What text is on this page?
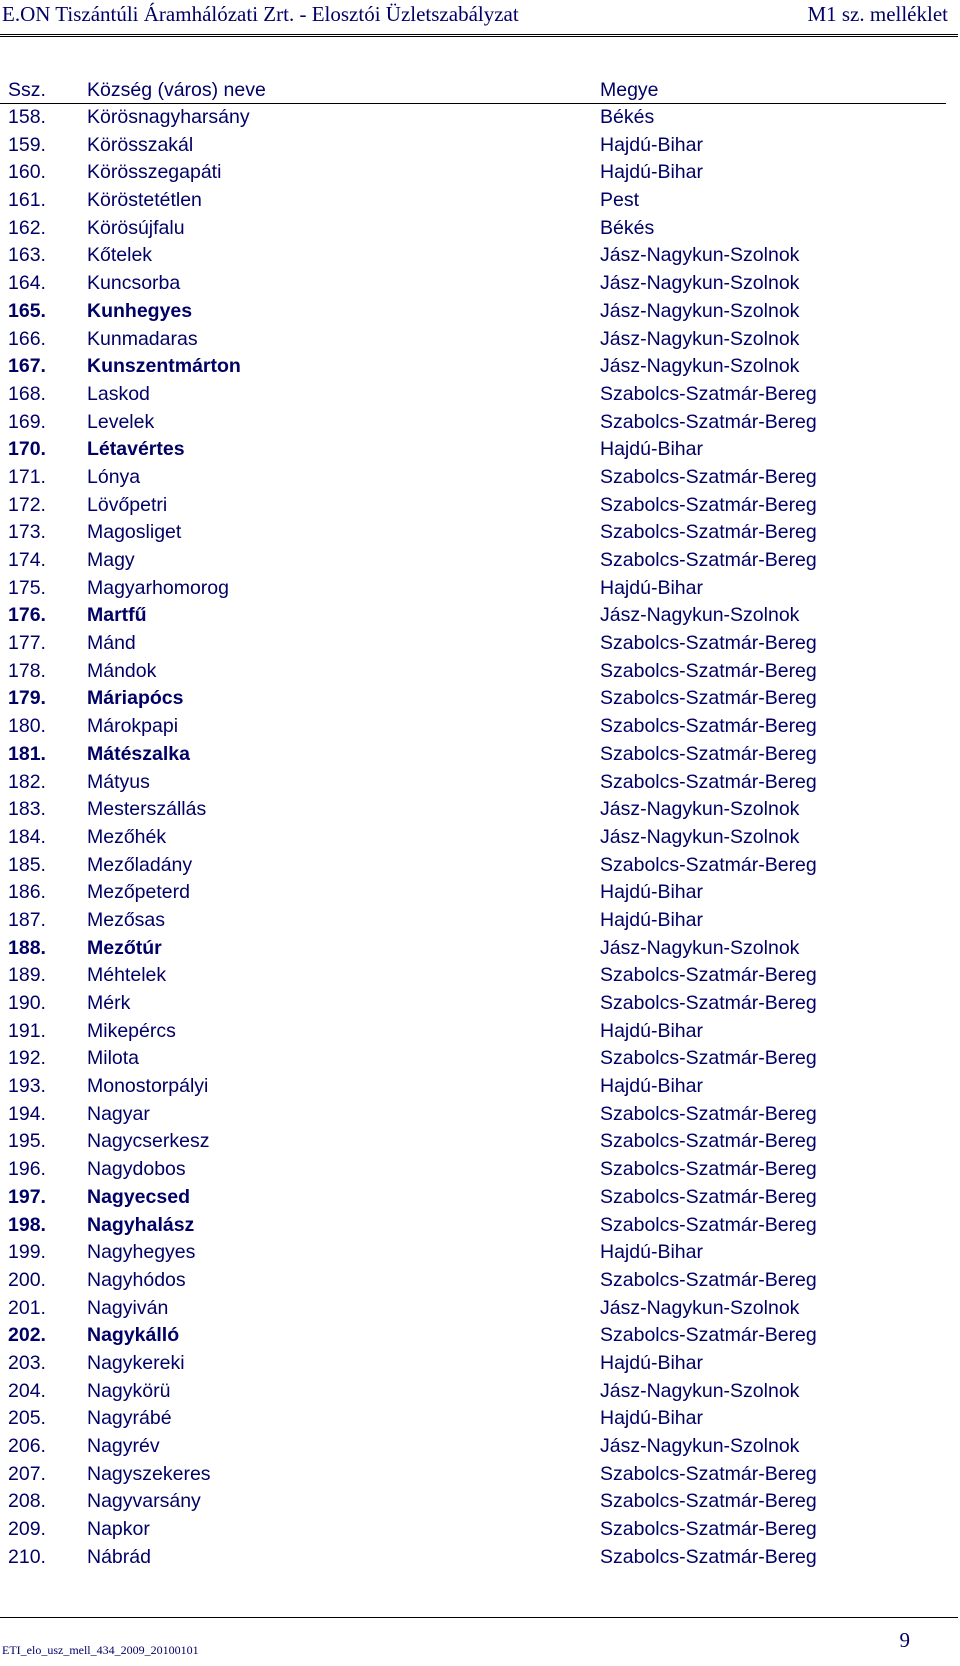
E.ON Tiszántúli Áramhálózati Zrt. - Elosztói Üzletszabályzat	M1 sz. melléklet
Ssz. Község (város) neve	Megye
158. Körösnagyharsány	Békés
159. Körösszakál	Hajdú-Bihar
160. Körösszegapáti	Hajdú-Bihar
161. Köröstetétlen	Pest
162. Körösújfalu	Békés
163. Kőtelek	Jász-Nagykun-Szolnok
164. Kuncsorba	Jász-Nagykun-Szolnok
165. Kunhegyes	Jász-Nagykun-Szolnok
166. Kunmadaras	Jász-Nagykun-Szolnok
167. Kunszentmárton	Jász-Nagykun-Szolnok
168. Laskod	Szabolcs-Szatmár-Bereg
169. Levelek	Szabolcs-Szatmár-Bereg
170. Létavértes	Hajdú-Bihar
171. Lónya	Szabolcs-Szatmár-Bereg
172. Lövőpetri	Szabolcs-Szatmár-Bereg
173. Magosliget	Szabolcs-Szatmár-Bereg
174. Magy	Szabolcs-Szatmár-Bereg
175. Magyarhomorog	Hajdú-Bihar
176. Martfű	Jász-Nagykun-Szolnok
177. Mánd	Szabolcs-Szatmár-Bereg
178. Mándok	Szabolcs-Szatmár-Bereg
179. Máriapócs	Szabolcs-Szatmár-Bereg
180. Márokpapi	Szabolcs-Szatmár-Bereg
181. Mátészalka	Szabolcs-Szatmár-Bereg
182. Mátyus	Szabolcs-Szatmár-Bereg
183. Mesterszállás	Jász-Nagykun-Szolnok
184. Mezőhék	Jász-Nagykun-Szolnok
185. Mezőladány	Szabolcs-Szatmár-Bereg
186. Mezőpeterd	Hajdú-Bihar
187. Mezősas	Hajdú-Bihar
188. Mezőtúr	Jász-Nagykun-Szolnok
189. Méhtelek	Szabolcs-Szatmár-Bereg
190. Mérk	Szabolcs-Szatmár-Bereg
191. Mikepércs	Hajdú-Bihar
192. Milota	Szabolcs-Szatmár-Bereg
193. Monostorpályi	Hajdú-Bihar
194. Nagyar	Szabolcs-Szatmár-Bereg
195. Nagycserkesz	Szabolcs-Szatmár-Bereg
196. Nagydobos	Szabolcs-Szatmár-Bereg
197. Nagyecsed	Szabolcs-Szatmár-Bereg
198. Nagyhalász	Szabolcs-Szatmár-Bereg
199. Nagyhegyes	Hajdú-Bihar
200. Nagyhódos	Szabolcs-Szatmár-Bereg
201. Nagyiván	Jász-Nagykun-Szolnok
202. Nagykálló	Szabolcs-Szatmár-Bereg
203. Nagykereki	Hajdú-Bihar
204. Nagykörü	Jász-Nagykun-Szolnok
205. Nagyrábé	Hajdú-Bihar
206. Nagyrév	Jász-Nagykun-Szolnok
207. Nagyszekeres	Szabolcs-Szatmár-Bereg
208. Nagyvarsány	Szabolcs-Szatmár-Bereg
209. Napkor	Szabolcs-Szatmár-Bereg
210. Nábrád	Szabolcs-Szatmár-Bereg
ETI_elo_usz_mell_434_2009_20100101	9
